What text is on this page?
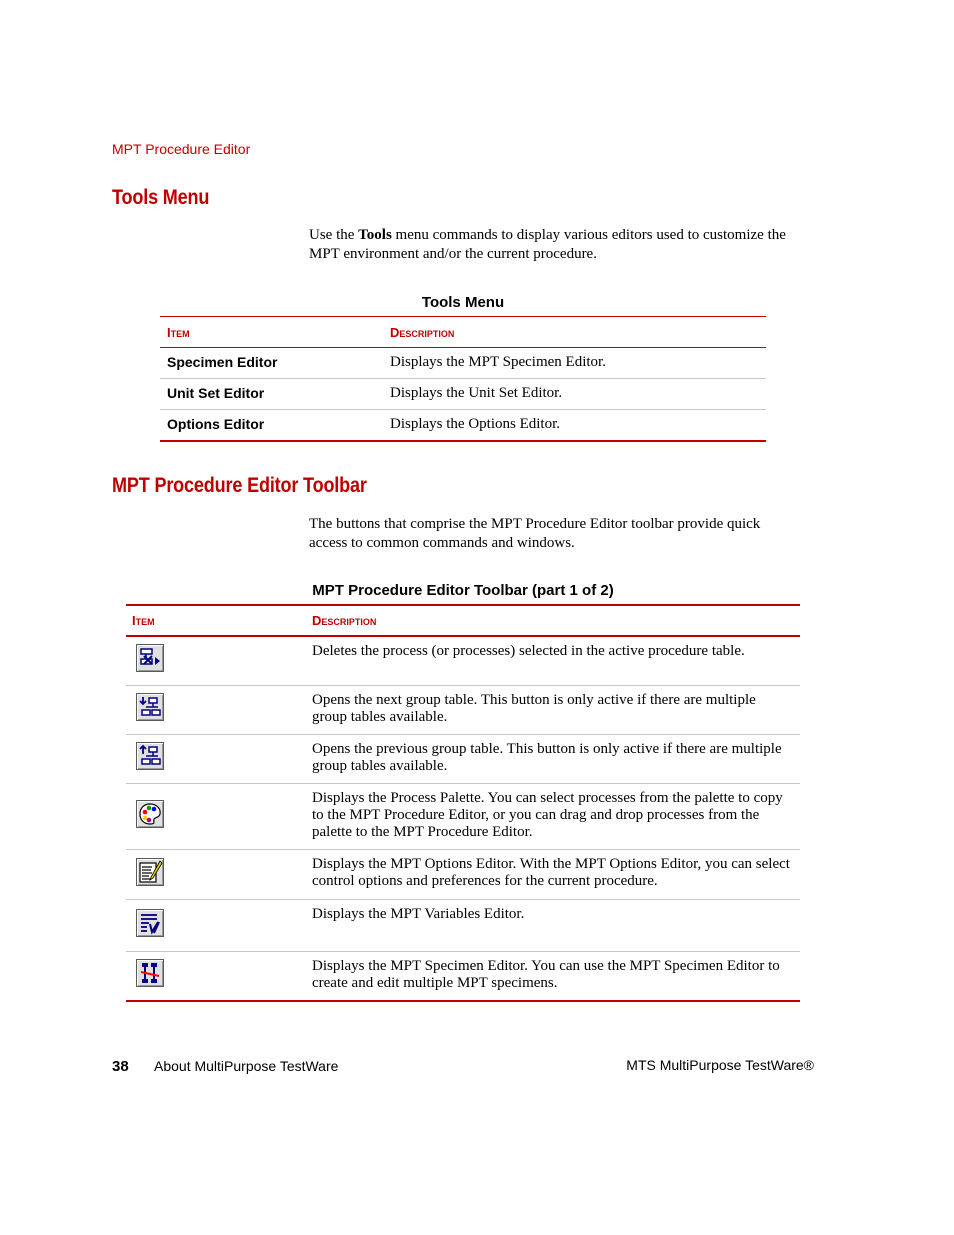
MPT Procedure Editor
Tools Menu

Use the Tools menu commands to display various editors used to customize the MPT environment and/or the current procedure.

Tools Menu
Item	Description
Specimen Editor	Displays the MPT Specimen Editor.
Unit Set Editor	Displays the Unit Set Editor.
Options Editor	Displays the Options Editor.
MPT Procedure Editor Toolbar

The buttons that comprise the MPT Procedure Editor toolbar provide quick access to common commands and windows.

MPT Procedure Editor Toolbar (part 1 of 2)
Item	Description

	Deletes the process (or processes) selected in the active procedure table.

	Opens the next group table. This button is only active if there are multiple group tables available.

	Opens the previous group table. This button is only active if there are multiple group tables available.

	Displays the Process Palette. You can select processes from the palette to copy to the MPT Procedure Editor, or you can drag and drop processes from the palette to the MPT Procedure Editor.

	Displays the MPT Options Editor. With the MPT Options Editor, you can select control options and preferences for the current procedure.

	Displays the MPT Variables Editor.

	Displays the MPT Specimen Editor. You can use the MPT Specimen Editor to create and edit multiple MPT specimens.
38 About MultiPurpose TestWare	MTS MultiPurpose TestWare®
